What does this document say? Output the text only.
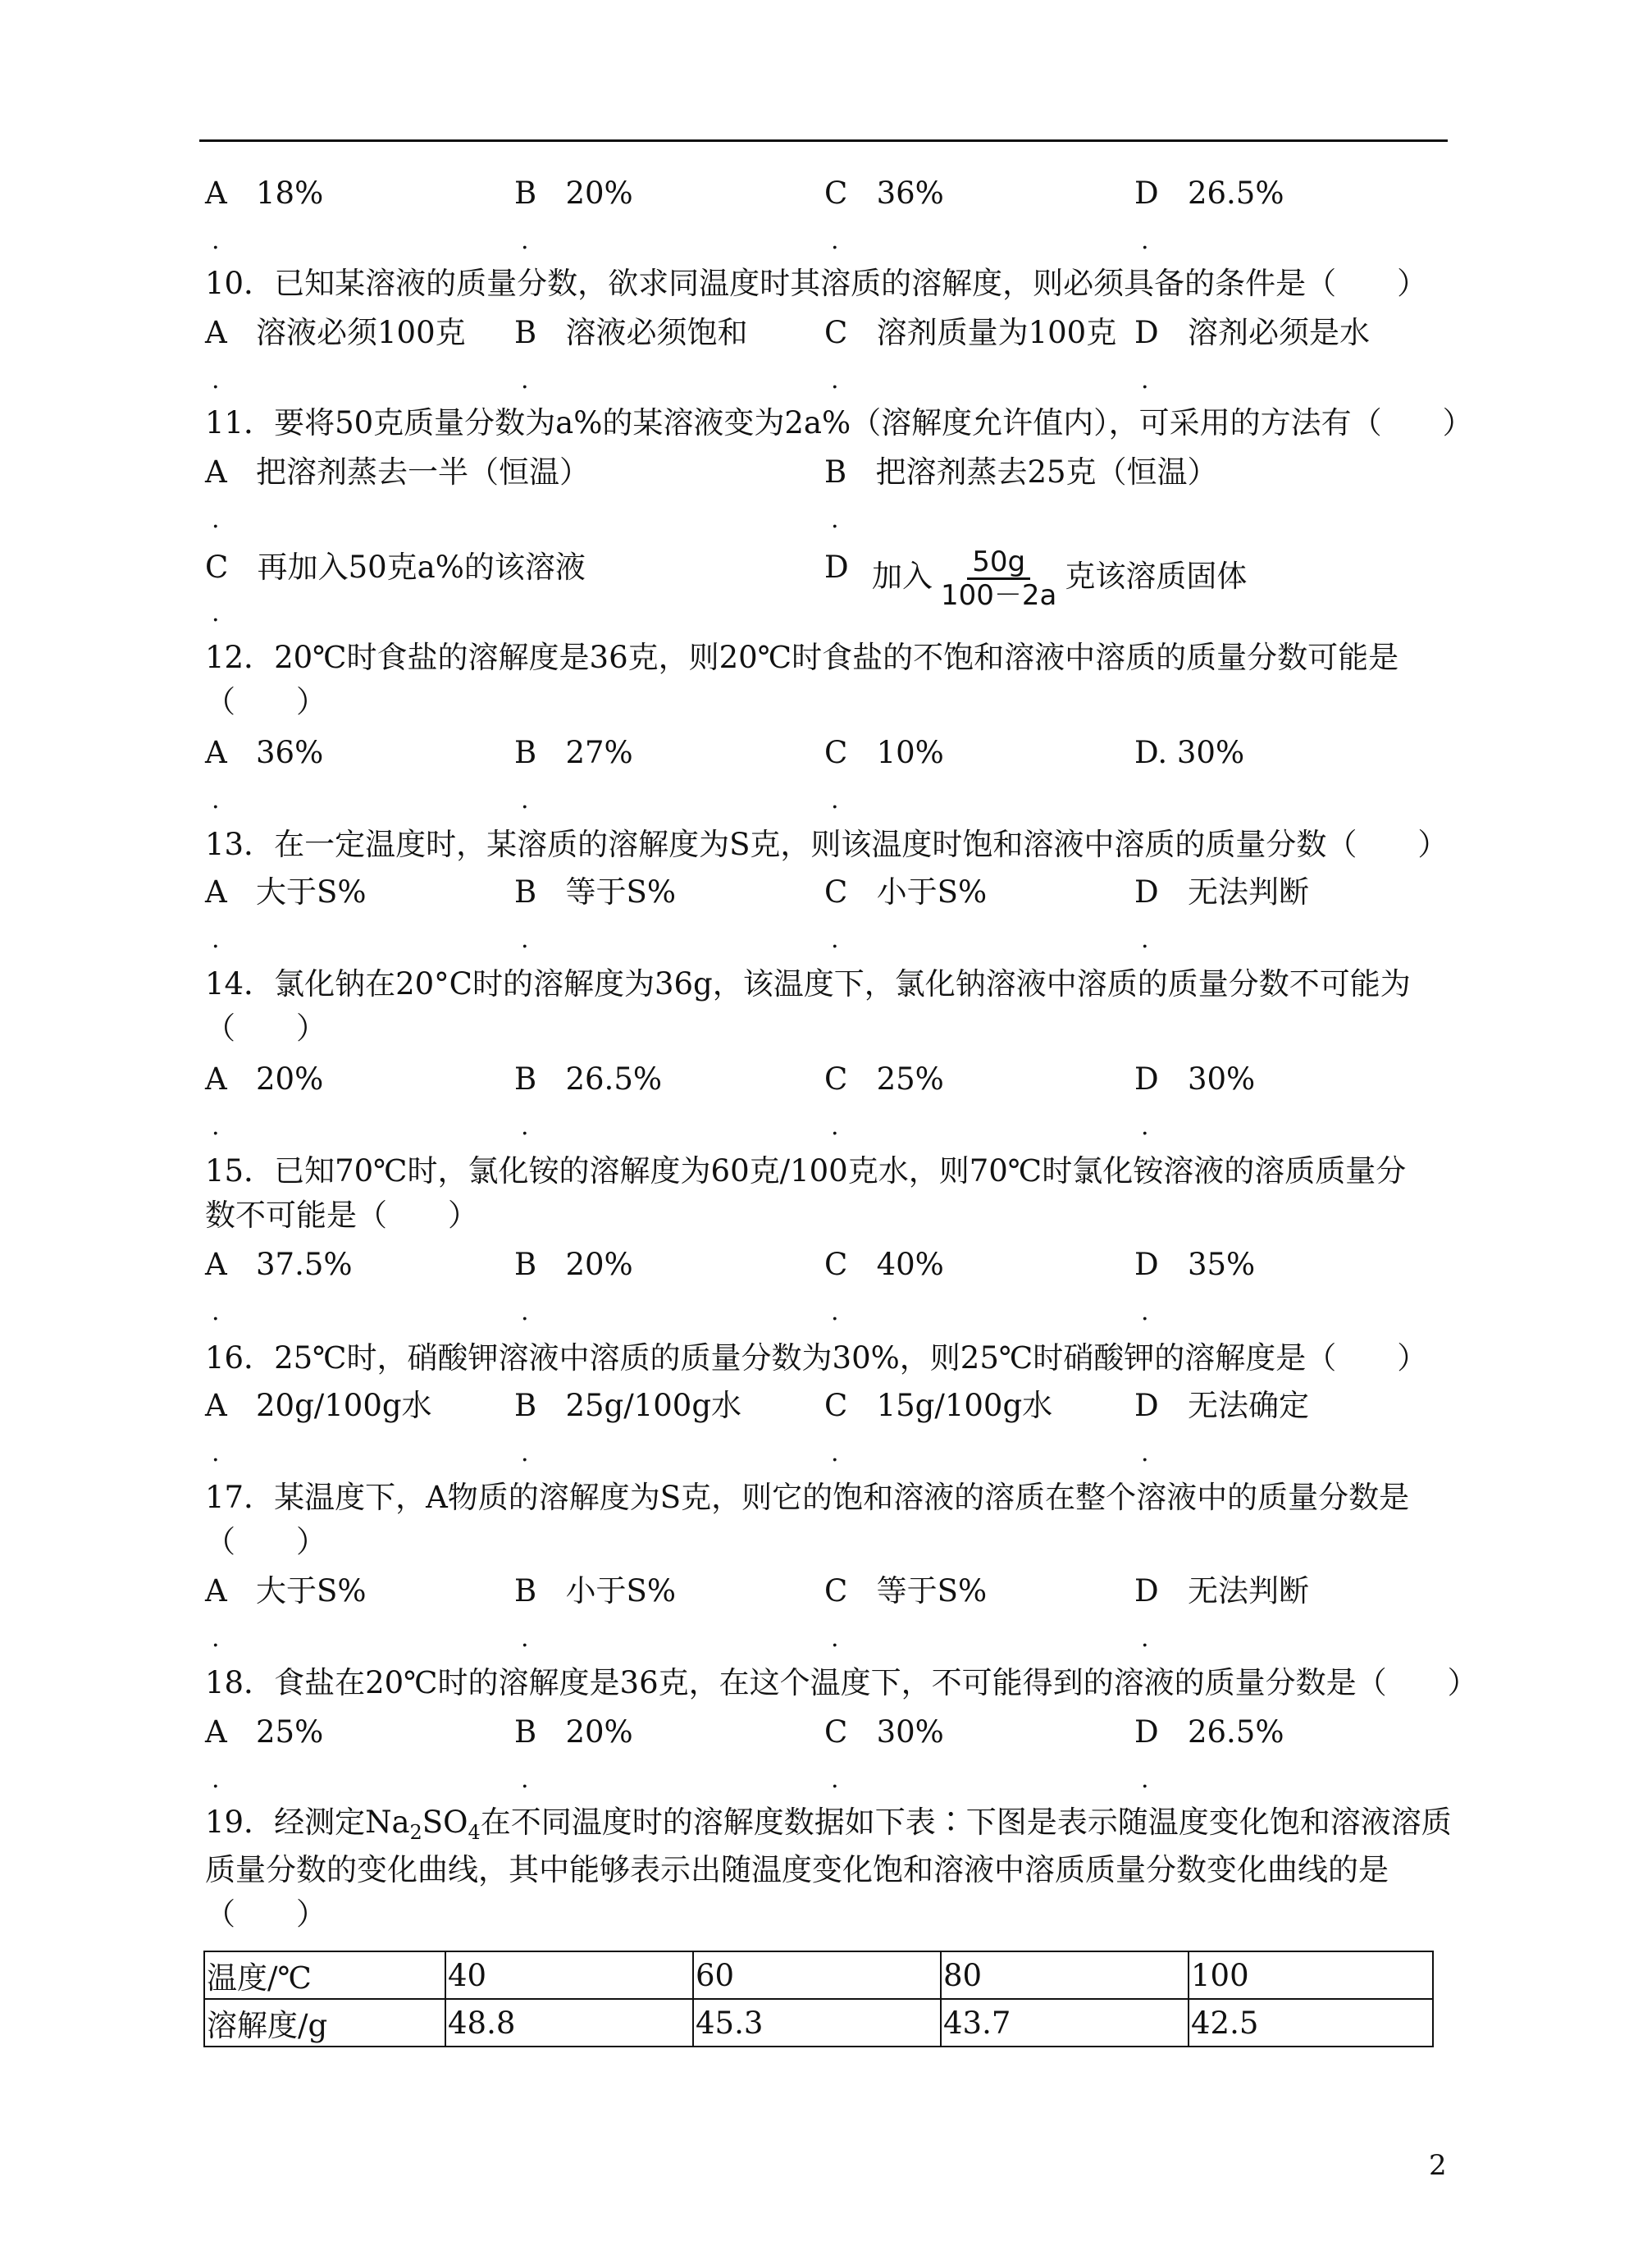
A   18%	B   20%	C   36%	D   26.5%
.	.	.	.
10．已知某溶液的质量分数，欲求同温度时其溶质的溶解度，则必须具备的条件是（　　）
A   溶液必须100克 B   溶液必须饱和	C   溶剂质量为100克 D   溶剂必须是水
.	.	.	.
11．要将50克质量分数为a%的某溶液变为2a%（溶解度允许值内），可采用的方法有（　　）
A   把溶剂蒸去一半（恒温）	B   把溶剂蒸去25克（恒温）
.	.
C   再加入50克a%的该溶液	D 加入 $\frac{50g}{100-2a}$ 克该溶质固体
.
12．20℃时食盐的溶解度是36克，则20℃时食盐的不饱和溶液中溶质的质量分数可能是
（　　）
A   36%	B   27%	C   10%	D. 30%
.	.	.
13．在一定温度时，某溶质的溶解度为S克，则该温度时饱和溶液中溶质的质量分数（　　）
A   大于S%	B   等于S%	C   小于S%	D   无法判断
.	.	.	.
14．氯化钠在20°C时的溶解度为36g，该温度下，氯化钠溶液中溶质的质量分数不可能为
（　　）
A   20%	B   26.5%	C   25%	D   30%
.	.	.	.
15．已知70℃时，氯化铵的溶解度为60克/100克水，则70℃时氯化铵溶液的溶质质量分
数不可能是（　　）
A   37.5%	B   20%	C   40%	D   35%
.	.	.	.
16．25℃时，硝酸钾溶液中溶质的质量分数为30%，则25℃时硝酸钾的溶解度是（　　）
A   20g/100g水	B   25g/100g水	C   15g/100g水	D   无法确定
.	.	.	.
17．某温度下，A物质的溶解度为S克，则它的饱和溶液的溶质在整个溶液中的质量分数是
（　　）
A   大于S%	B   小于S%	C   等于S%	D   无法判断
.	.	.	.
18．食盐在20℃时的溶解度是36克，在这个温度下，不可能得到的溶液的质量分数是（　　）
A   25%	B   20%	C   30%	D   26.5%
.	.	.	.
19．经测定$Na_2SO_4$在不同温度时的溶解度数据如下表∶下图是表示随温度变化饱和溶液溶质
质量分数的变化曲线，其中能够表示出随温度变化饱和溶液中溶质质量分数变化曲线的是
（　　）
温度/℃	40	60	80	100
溶解度/g	48.8	45.3	43.7	42.5
2
